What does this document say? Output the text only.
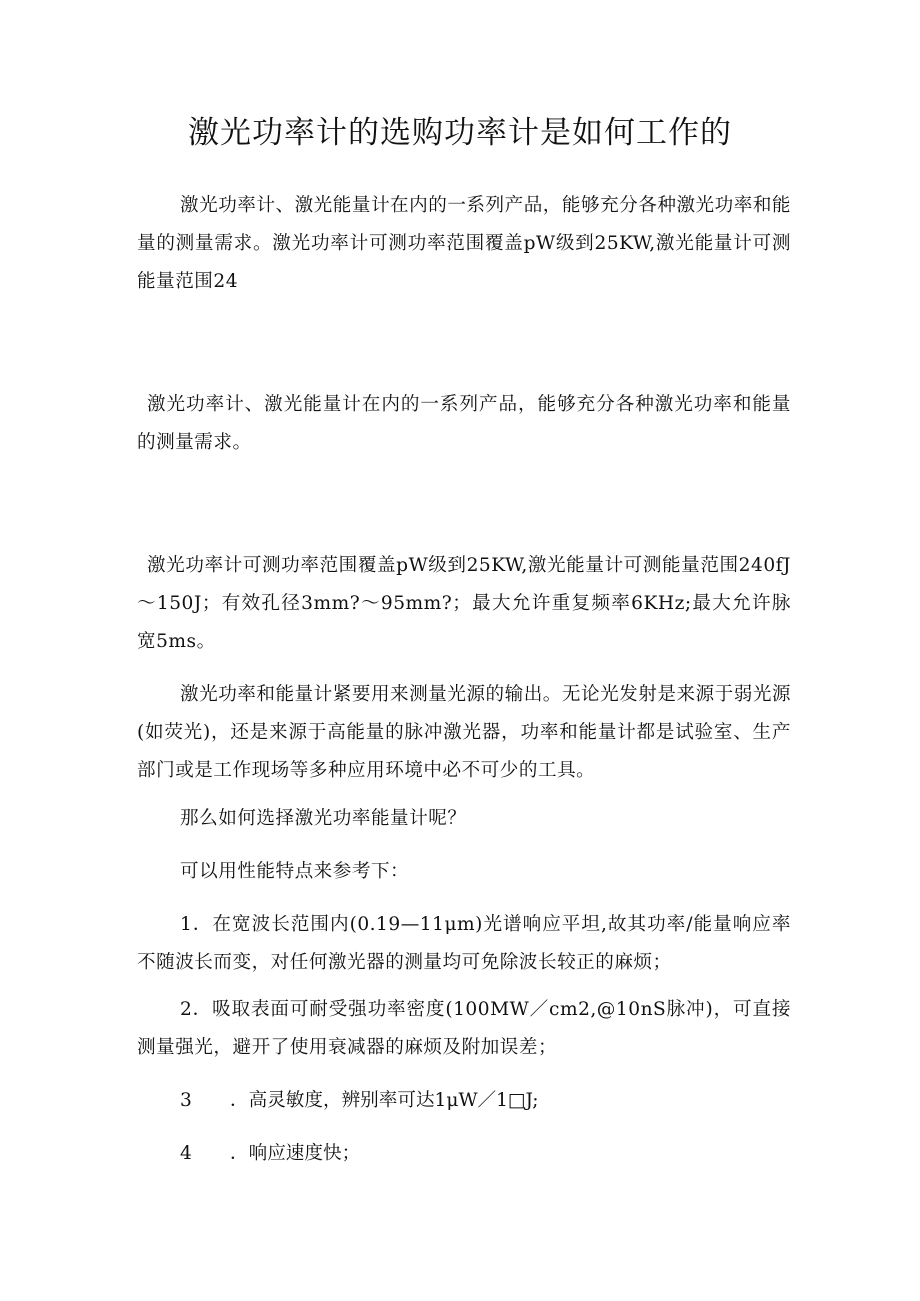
激光功率计的选购功率计是如何工作的

激光功率计、激光能量计在内的一系列产品，能够充分各种激光功率和能量的测量需求。激光功率计可测功率范围覆盖pW级到25KW,激光能量计可测能量范围24

激光功率计、激光能量计在内的一系列产品，能够充分各种激光功率和能量的测量需求。

激光功率计可测功率范围覆盖pW级到25KW,激光能量计可测能量范围240fJ～150J；有效孔径3mm?～95mm?；最大允许重复频率6KHz;最大允许脉宽5ms。

激光功率和能量计紧要用来测量光源的输出。无论光发射是来源于弱光源(如荧光)，还是来源于高能量的脉冲激光器，功率和能量计都是试验室、生产部门或是工作现场等多种应用环境中必不可少的工具。

那么如何选择激光功率能量计呢？

可以用性能特点来参考下：

1．在宽波长范围内(0.19—11μm)光谱响应平坦,故其功率/能量响应率不随波长而变，对任何激光器的测量均可免除波长较正的麻烦；

2．吸取表面可耐受强功率密度(100MW／cm2,@10nS脉冲)，可直接测量强光，避开了使用衰减器的麻烦及附加误差；

3 ．高灵敏度，辨别率可达1μW／1□J;

4 ．响应速度快；
